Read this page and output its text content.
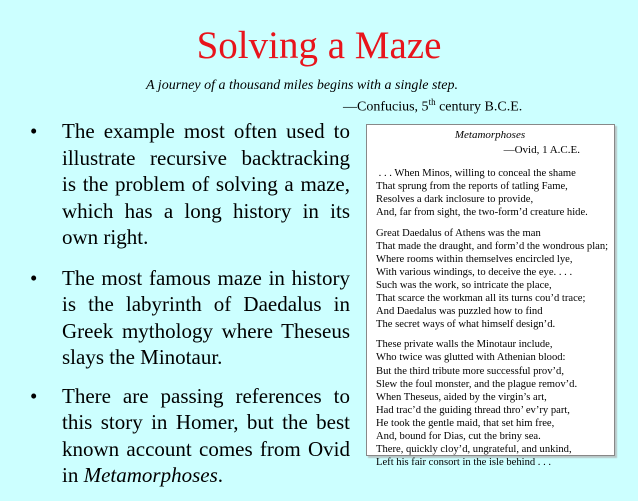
Solving a Maze
A journey of a thousand miles begins with a single step.
—Confucius, 5th century B.C.E.
• The example most often used to illustrate recursive backtracking is the problem of solving a maze, which has a long history in its own right.
• The most famous maze in history is the labyrinth of Daedalus in Greek mythology where Theseus slays the Minotaur.
• There are passing references to this story in Homer, but the best known account comes from Ovid in Metamorphoses.
Metamorphoses
—Ovid, 1 A.C.E.
. . . When Minos, willing to conceal the shame
That sprung from the reports of tatling Fame,
Resolves a dark inclosure to provide,
And, far from sight, the two-form’d creature hide.
Great Daedalus of Athens was the man
That made the draught, and form’d the wondrous plan;
Where rooms within themselves encircled lye,
With various windings, to deceive the eye. . . .
Such was the work, so intricate the place,
That scarce the workman all its turns cou’d trace;
And Daedalus was puzzled how to find
The secret ways of what himself design’d.
These private walls the Minotaur include,
Who twice was glutted with Athenian blood:
But the third tribute more successful prov’d,
Slew the foul monster, and the plague remov’d.
When Theseus, aided by the virgin’s art,
Had trac’d the guiding thread thro’ ev’ry part,
He took the gentle maid, that set him free,
And, bound for Dias, cut the briny sea.
There, quickly cloy’d, ungrateful, and unkind,
Left his fair consort in the isle behind . . .
